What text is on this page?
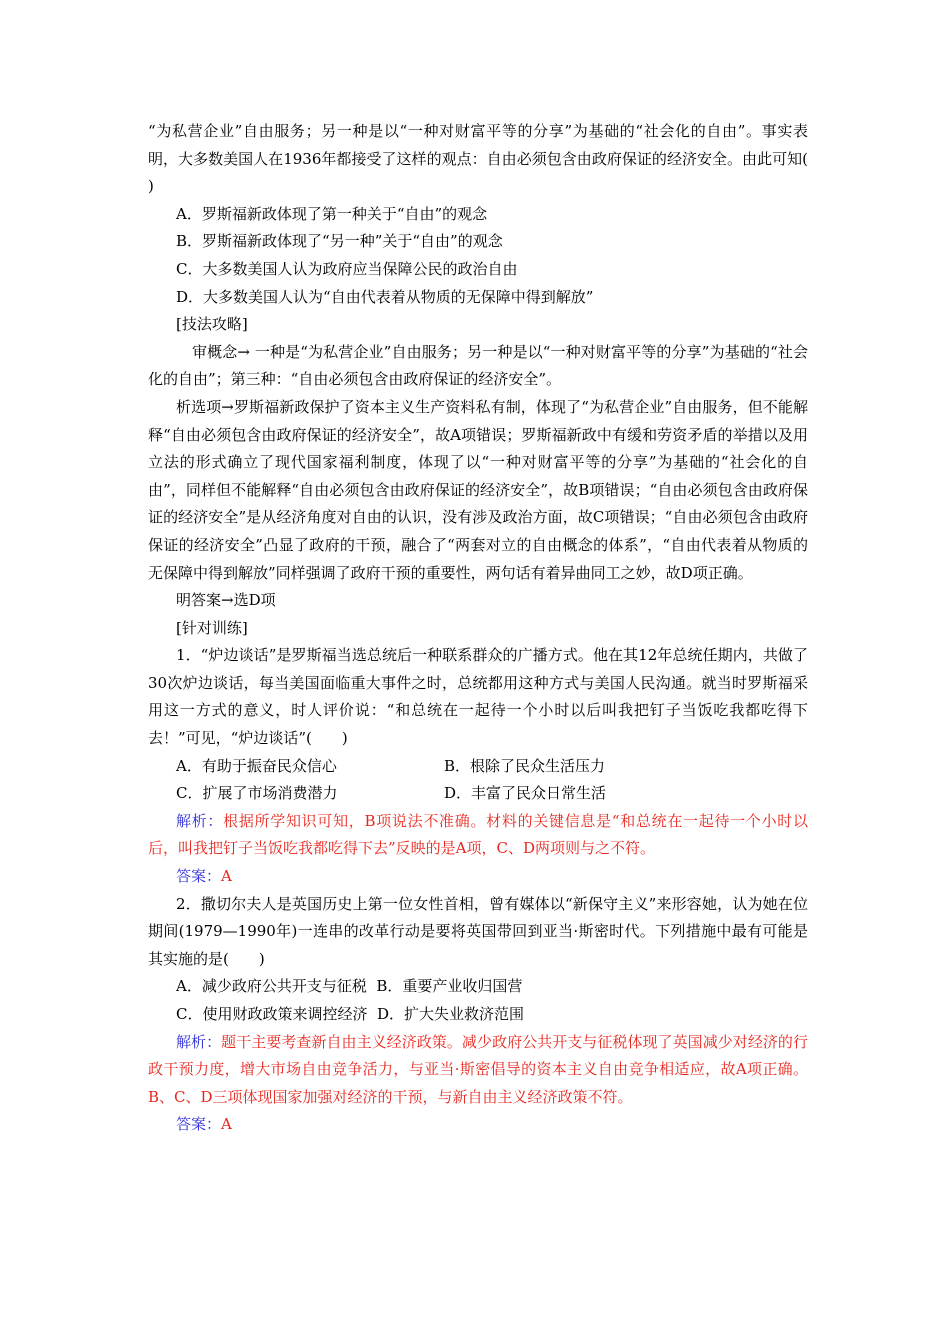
“为私营企业”自由服务；另一种是以“一种对财富平等的分享”为基础的“社会化的自由”。事实表明，大多数美国人在1936年都接受了这样的观点：自由必须包含由政府保证的经济安全。由此可知(　　)

A．罗斯福新政体现了第一种关于“自由”的观念

B．罗斯福新政体现了“另一种”关于“自由”的观念

C．大多数美国人认为政府应当保障公民的政治自由

D．大多数美国人认为“自由代表着从物质的无保障中得到解放”

[技法攻略]

审概念→ 一种是“为私营企业”自由服务；另一种是以“一种对财富平等的分享”为基础的“社会化的自由”；第三种：“自由必须包含由政府保证的经济安全”。

析选项→罗斯福新政保护了资本主义生产资料私有制，体现了“为私营企业”自由服务，但不能解释“自由必须包含由政府保证的经济安全”，故A项错误；罗斯福新政中有缓和劳资矛盾的举措以及用立法的形式确立了现代国家福利制度，体现了以“一种对财富平等的分享”为基础的“社会化的自由”，同样但不能解释“自由必须包含由政府保证的经济安全”，故B项错误；“自由必须包含由政府保证的经济安全”是从经济角度对自由的认识，没有涉及政治方面，故C项错误；“自由必须包含由政府保证的经济安全”凸显了政府的干预，融合了“两套对立的自由概念的体系”，“自由代表着从物质的无保障中得到解放”同样强调了政府干预的重要性，两句话有着异曲同工之妙，故D项正确。

明答案→选D项

[针对训练]

1．“炉边谈话”是罗斯福当选总统后一种联系群众的广播方式。他在其12年总统任期内，共做了30次炉边谈话，每当美国面临重大事件之时，总统都用这种方式与美国人民沟通。就当时罗斯福采用这一方式的意义，时人评价说：“和总统在一起待一个小时以后叫我把钉子当饭吃我都吃得下去！”可见，“炉边谈话”(　　)

A．有助于振奋民众信心	B．根除了民众生活压力
C．扩展了市场消费潜力	D．丰富了民众日常生活

解析：根据所学知识可知，B项说法不准确。材料的关键信息是“和总统在一起待一个小时以后，叫我把钉子当饭吃我都吃得下去”反映的是A项，C、D两项则与之不符。

答案：A

2．撒切尔夫人是英国历史上第一位女性首相，曾有媒体以“新保守主义”来形容她，认为她在位期间(1979—1990年)一连串的改革行动是要将英国带回到亚当·斯密时代。下列措施中最有可能是其实施的是(　　)

A．减少政府公共开支与征税 B．重要产业收归国营

C．使用财政政策来调控经济 D．扩大失业救济范围

解析：题干主要考查新自由主义经济政策。减少政府公共开支与征税体现了英国减少对经济的行政干预力度，增大市场自由竞争活力，与亚当·斯密倡导的资本主义自由竞争相适应，故A项正确。B、C、D三项体现国家加强对经济的干预，与新自由主义经济政策不符。

答案：A
